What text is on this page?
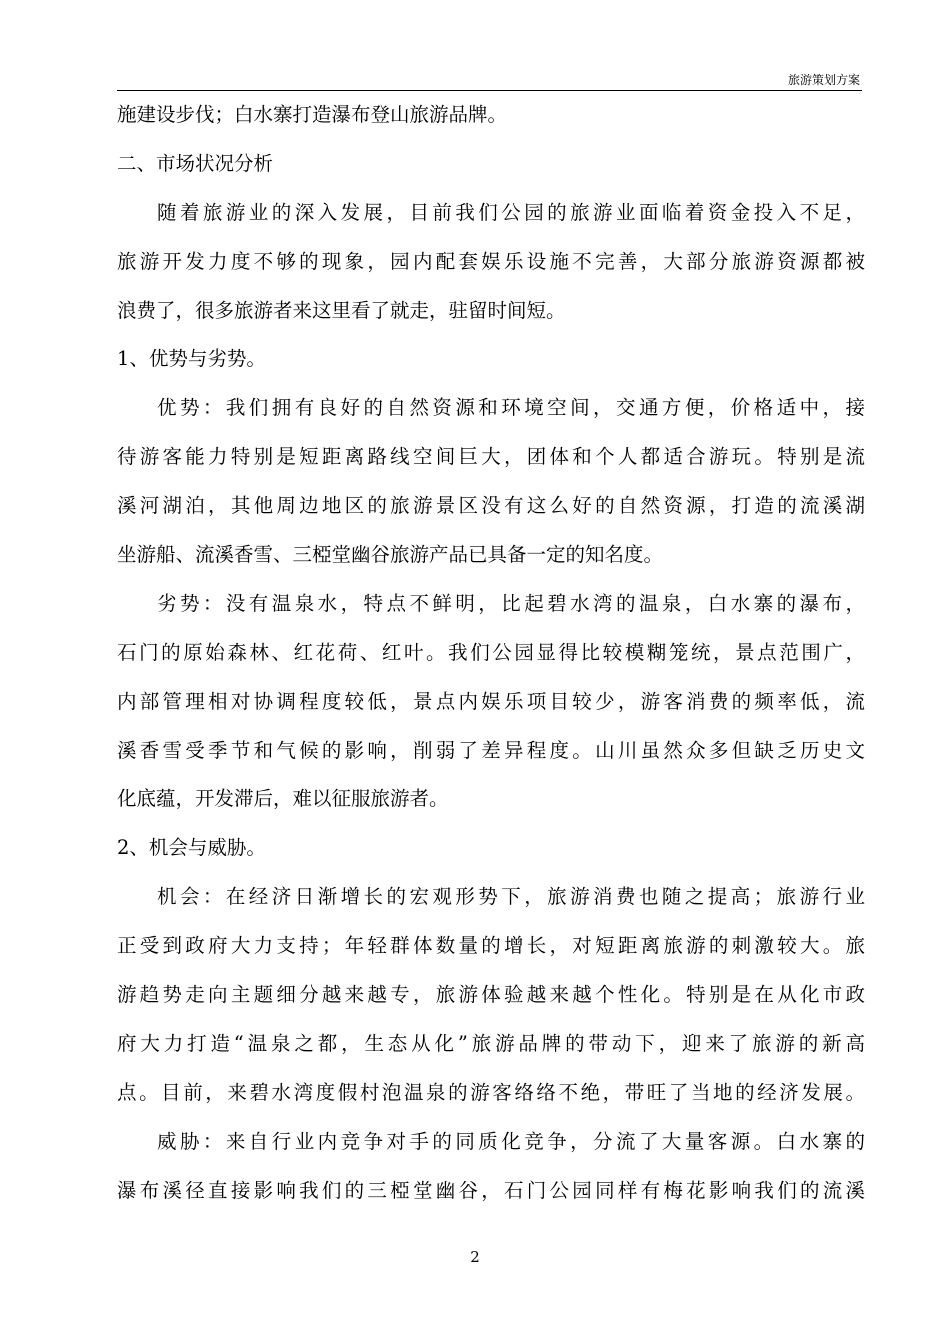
旅游策划方案
施建设步伐；白水寨打造瀑布登山旅游品牌。
二、市场状况分析
随着旅游业的深入发展，目前我们公园的旅游业面临着资金投入不足，
旅游开发力度不够的现象，园内配套娱乐设施不完善，大部分旅游资源都被
浪费了，很多旅游者来这里看了就走，驻留时间短。
1、优势与劣势。
优势：我们拥有良好的自然资源和环境空间，交通方便，价格适中，接
待游客能力特别是短距离路线空间巨大，团体和个人都适合游玩。特别是流
溪河湖泊，其他周边地区的旅游景区没有这么好的自然资源，打造的流溪湖
坐游船、流溪香雪、三椏堂幽谷旅游产品已具备一定的知名度。
劣势：没有温泉水，特点不鲜明，比起碧水湾的温泉，白水寨的瀑布，
石门的原始森林、红花荷、红叶。我们公园显得比较模糊笼统，景点范围广，
内部管理相对协调程度较低，景点内娱乐项目较少，游客消费的频率低，流
溪香雪受季节和气候的影响，削弱了差异程度。山川虽然众多但缺乏历史文
化底蕴，开发滞后，难以征服旅游者。
2、机会与威胁。
机会：在经济日渐增长的宏观形势下，旅游消费也随之提高；旅游行业
正受到政府大力支持；年轻群体数量的增长，对短距离旅游的刺激较大。旅
游趋势走向主题细分越来越专，旅游体验越来越个性化。特别是在从化市政
府大力打造“温泉之都，生态从化”旅游品牌的带动下，迎来了旅游的新高
点。目前，来碧水湾度假村泡温泉的游客络络不绝，带旺了当地的经济发展。
威胁：来自行业内竞争对手的同质化竞争，分流了大量客源。白水寨的
瀑布溪径直接影响我们的三椏堂幽谷，石门公园同样有梅花影响我们的流溪
2
